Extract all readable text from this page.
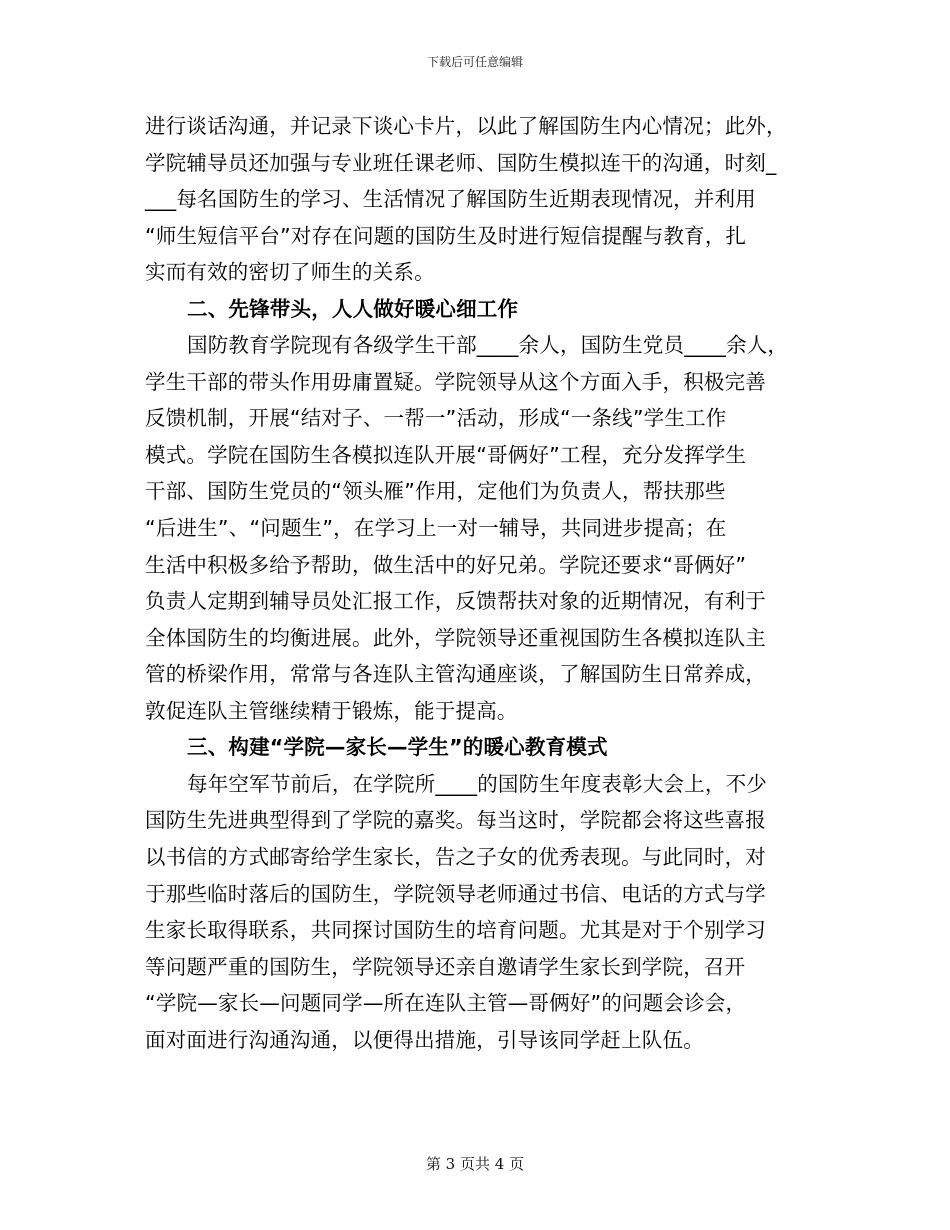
下载后可任意编辑
进行谈话沟通，并记录下谈心卡片，以此了解国防生内心情况；此外，
学院辅导员还加强与专业班任课老师、国防生模拟连干的沟通，时刻_
___每名国防生的学习、生活情况了解国防生近期表现情况，并利用
“师生短信平台”对存在问题的国防生及时进行短信提醒与教育，扎
实而有效的密切了师生的关系。
二、先锋带头，人人做好暖心细工作
国防教育学院现有各级学生干部____余人，国防生党员____余人，
学生干部的带头作用毋庸置疑。学院领导从这个方面入手，积极完善
反馈机制，开展“结对子、一帮一”活动，形成“一条线”学生工作
模式。学院在国防生各模拟连队开展“哥俩好”工程，充分发挥学生
干部、国防生党员的“领头雁”作用，定他们为负责人，帮扶那些
“后进生”、“问题生”，在学习上一对一辅导，共同进步提高；在
生活中积极多给予帮助，做生活中的好兄弟。学院还要求“哥俩好”
负责人定期到辅导员处汇报工作，反馈帮扶对象的近期情况，有利于
全体国防生的均衡进展。此外，学院领导还重视国防生各模拟连队主
管的桥梁作用，常常与各连队主管沟通座谈，了解国防生日常养成，
敦促连队主管继续精于锻炼，能于提高。
三、构建“学院—家长—学生”的暖心教育模式
每年空军节前后，在学院所____的国防生年度表彰大会上，不少
国防生先进典型得到了学院的嘉奖。每当这时，学院都会将这些喜报
以书信的方式邮寄给学生家长，告之子女的优秀表现。与此同时，对
于那些临时落后的国防生，学院领导老师通过书信、电话的方式与学
生家长取得联系，共同探讨国防生的培育问题。尤其是对于个别学习
等问题严重的国防生，学院领导还亲自邀请学生家长到学院，召开
“学院—家长—问题同学—所在连队主管—哥俩好”的问题会诊会，
面对面进行沟通沟通，以便得出措施，引导该同学赶上队伍。
第 3 页共 4 页
